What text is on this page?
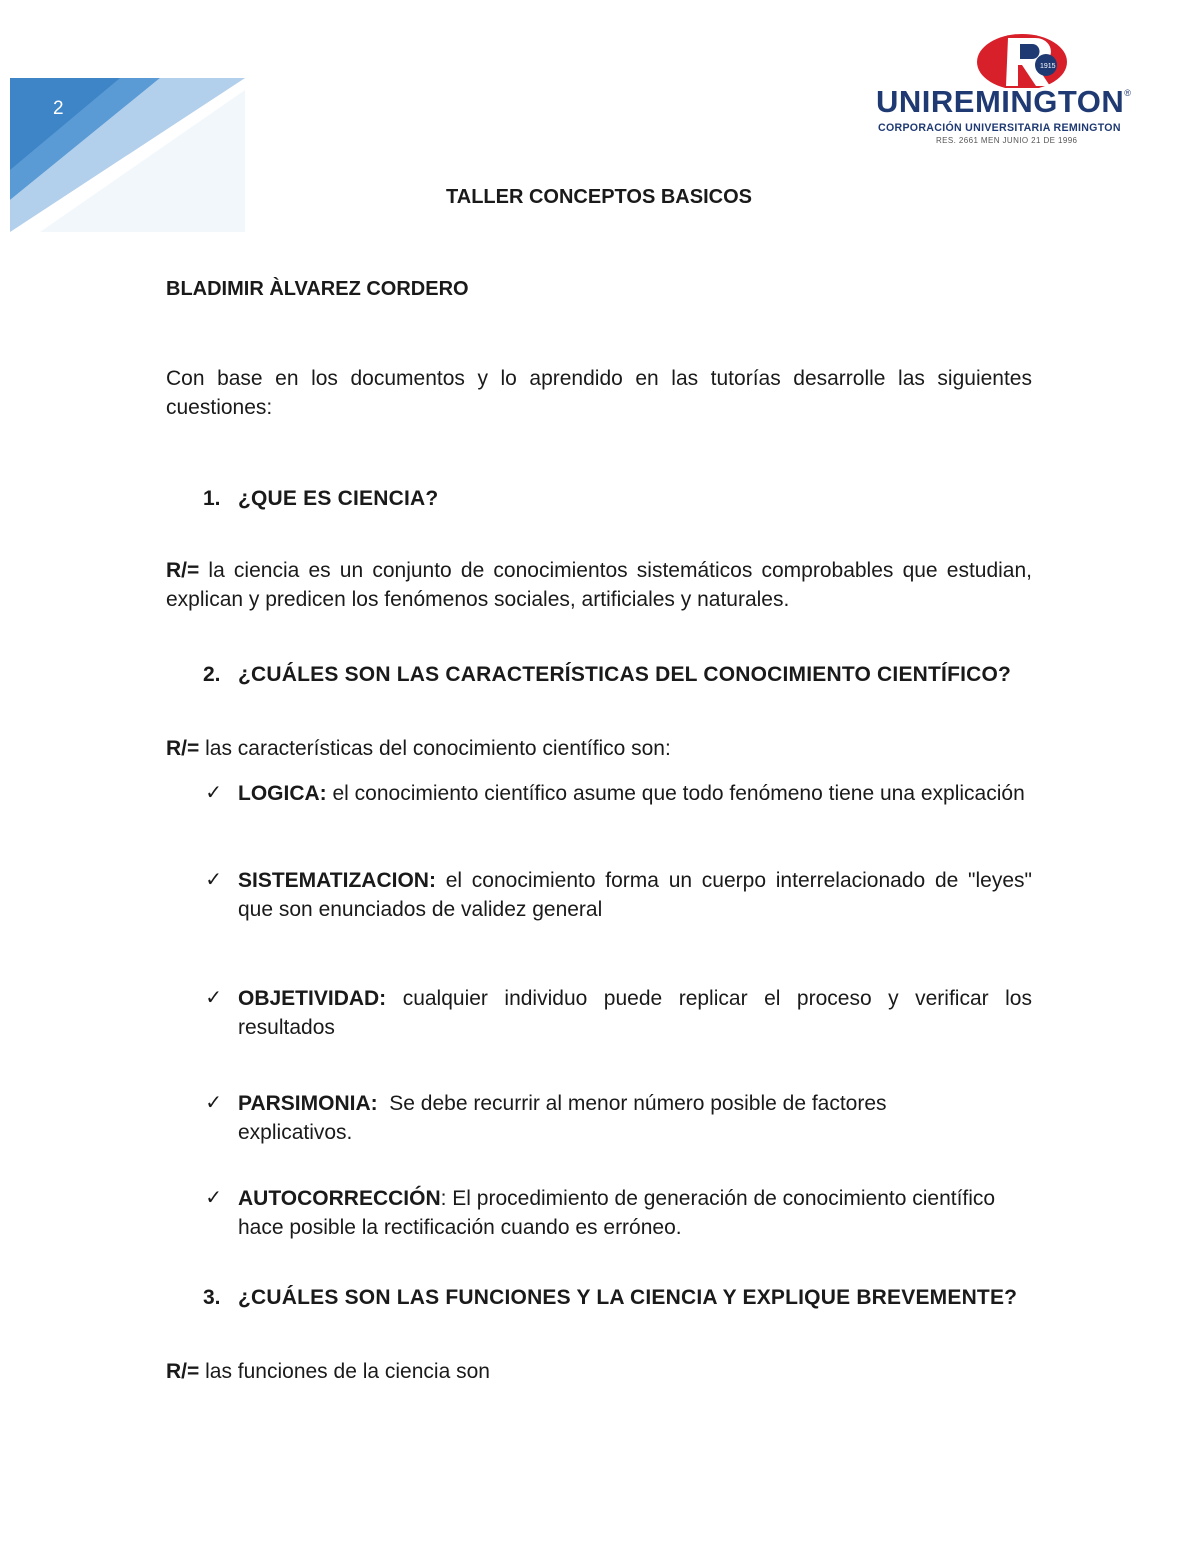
2
1915
UNIREMINGTON®
CORPORACIÓN UNIVERSITARIA REMINGTON
RES. 2661 MEN JUNIO 21 DE 1996
TALLER CONCEPTOS BASICOS
BLADIMIR ÀLVAREZ CORDERO
Con base en los documentos y lo aprendido en las tutorías desarrolle las siguientes cuestiones:
1. ¿QUE ES CIENCIA?
R/= la ciencia es un conjunto de conocimientos sistemáticos comprobables que estudian, explican y predicen los fenómenos sociales, artificiales y naturales.
2. ¿CUÁLES SON LAS CARACTERÍSTICAS DEL CONOCIMIENTO CIENTÍFICO?
R/= las características del conocimiento científico son:
✓ LOGICA: el conocimiento científico asume que todo fenómeno tiene una explicación
✓ SISTEMATIZACION: el conocimiento forma un cuerpo interrelacionado de "leyes" que son enunciados de validez general
✓ OBJETIVIDAD: cualquier individuo puede replicar el proceso y verificar los resultados
✓ PARSIMONIA:  Se debe recurrir al menor número posible de factores explicativos.
✓ AUTOCORRECCIÓN: El procedimiento de generación de conocimiento científico hace posible la rectificación cuando es erróneo.
3. ¿CUÁLES SON LAS FUNCIONES Y LA CIENCIA Y EXPLIQUE BREVEMENTE?
R/= las funciones de la ciencia son
